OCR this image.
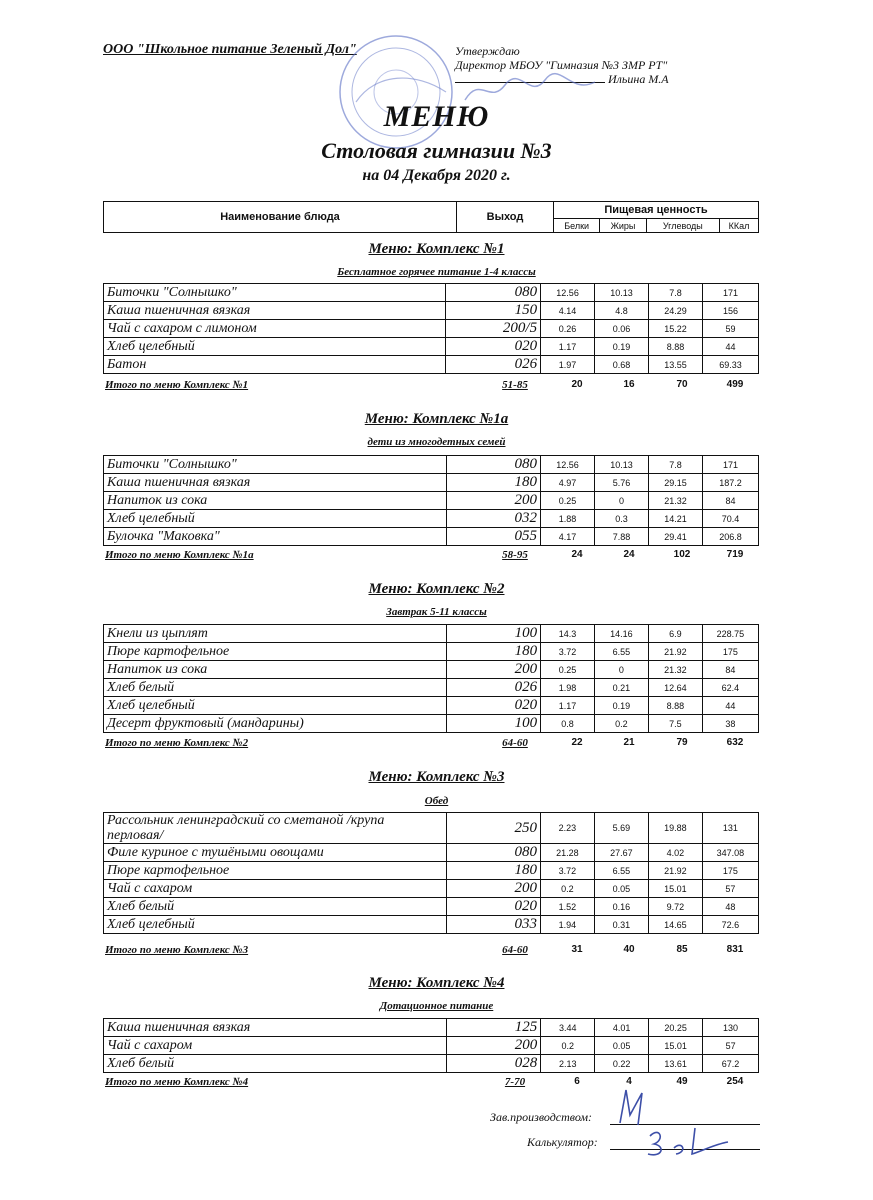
ООО "Школьное питание Зеленый Дол"	Утверждаю
Директор МБОУ "Гимназия №3 ЗМР РТ"
Ильина М.А
МЕНЮ
Столовая гимназии №3
на 04 Декабря 2020 г.
Наименование блюда	Выход	Пищевая ценность			
		Белки	Жиры	Углеводы	ККал
Меню: Комплекс №1
Бесплатное горячее питание 1-4 классы
Биточки "Солнышко"	080	12.56	10.13	7.8	171
Каша пшеничная вязкая	150	4.14	4.8	24.29	156
Чай с сахаром с лимоном	200/5	0.26	0.06	15.22	59
Хлеб целебный	020	1.17	0.19	8.88	44
Батон	026	1.97	0.68	13.55	69.33
Итого по меню Комплекс №1	51-85	20	16	70	499
Меню: Комплекс №1а
дети из многодетных семей
Биточки "Солнышко"	080	12.56	10.13	7.8	171
Каша пшеничная вязкая	180	4.97	5.76	29.15	187.2
Напиток из сока	200	0.25	0	21.32	84
Хлеб целебный	032	1.88	0.3	14.21	70.4
Булочка "Маковка"	055	4.17	7.88	29.41	206.8
Итого по меню Комплекс №1а	58-95	24	24	102	719
Меню: Комплекс №2
Завтрак 5-11 классы
Кнели из цыплят	100	14.3	14.16	6.9	228.75
Пюре картофельное	180	3.72	6.55	21.92	175
Напиток из сока	200	0.25	0	21.32	84
Хлеб белый	026	1.98	0.21	12.64	62.4
Хлеб целебный	020	1.17	0.19	8.88	44
Десерт фруктовый (мандарины)	100	0.8	0.2	7.5	38
Итого по меню Комплекс №2	64-60	22	21	79	632
Меню: Комплекс №3
Обед
Рассольник ленинградский со сметаной /крупа перловая/	250	2.23	5.69	19.88	131
Филе куриное с тушёными овощами	080	21.28	27.67	4.02	347.08
Пюре картофельное	180	3.72	6.55	21.92	175
Чай с сахаром	200	0.2	0.05	15.01	57
Хлеб белый	020	1.52	0.16	9.72	48
Хлеб целебный	033	1.94	0.31	14.65	72.6
Итого по меню Комплекс №3	64-60	31	40	85	831
Меню: Комплекс №4
Дотационное питание
Каша пшеничная вязкая	125	3.44	4.01	20.25	130
Чай с сахаром	200	0.2	0.05	15.01	57
Хлеб белый	028	2.13	0.22	13.61	67.2
Итого по меню Комплекс №4	7-70	6	4	49	254
Зав.производством:
Калькулятор:
